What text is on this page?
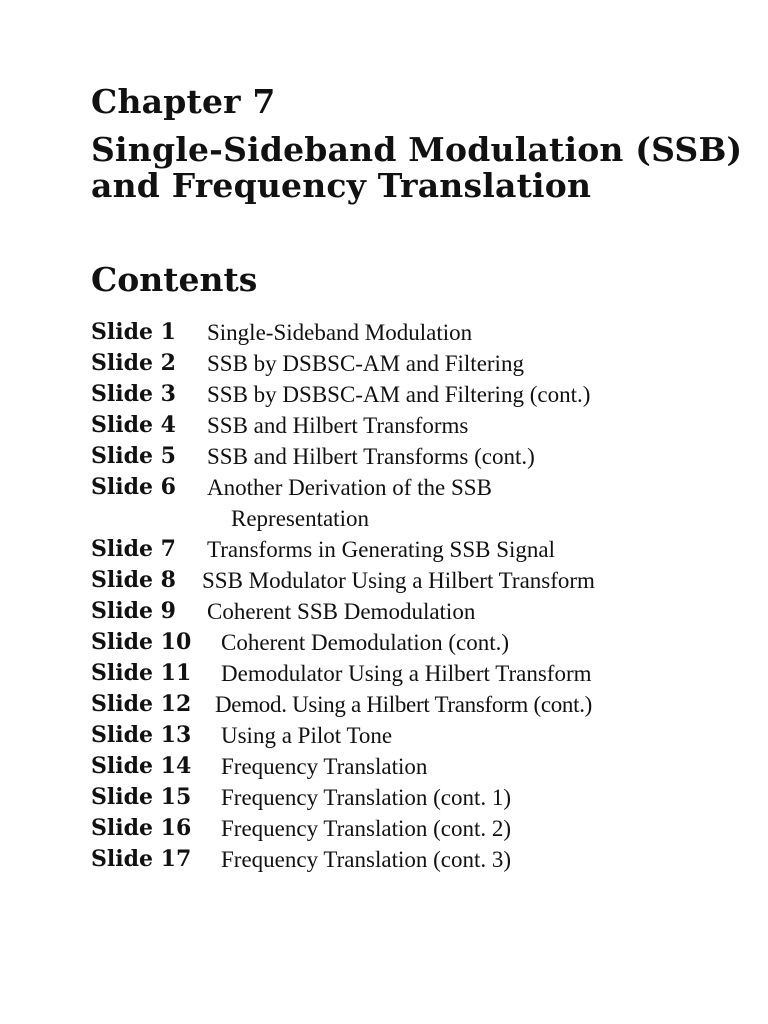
Chapter 7
Single-Sideband Modulation (SSB)
and Frequency Translation
Contents
Slide 1	Single-Sideband Modulation
Slide 2	SSB by DSBSC-AM and Filtering
Slide 3	SSB by DSBSC-AM and Filtering (cont.)
Slide 4	SSB and Hilbert Transforms
Slide 5	SSB and Hilbert Transforms (cont.)
Slide 6	Another Derivation of the SSB
Representation
Slide 7	Transforms in Generating SSB Signal
Slide 8	SSB Modulator Using a Hilbert Transform
Slide 9	Coherent SSB Demodulation
Slide 10	Coherent Demodulation (cont.)
Slide 11	Demodulator Using a Hilbert Transform
Slide 12	Demod. Using a Hilbert Transform (cont.)
Slide 13	Using a Pilot Tone
Slide 14	Frequency Translation
Slide 15	Frequency Translation (cont. 1)
Slide 16	Frequency Translation (cont. 2)
Slide 17	Frequency Translation (cont. 3)
